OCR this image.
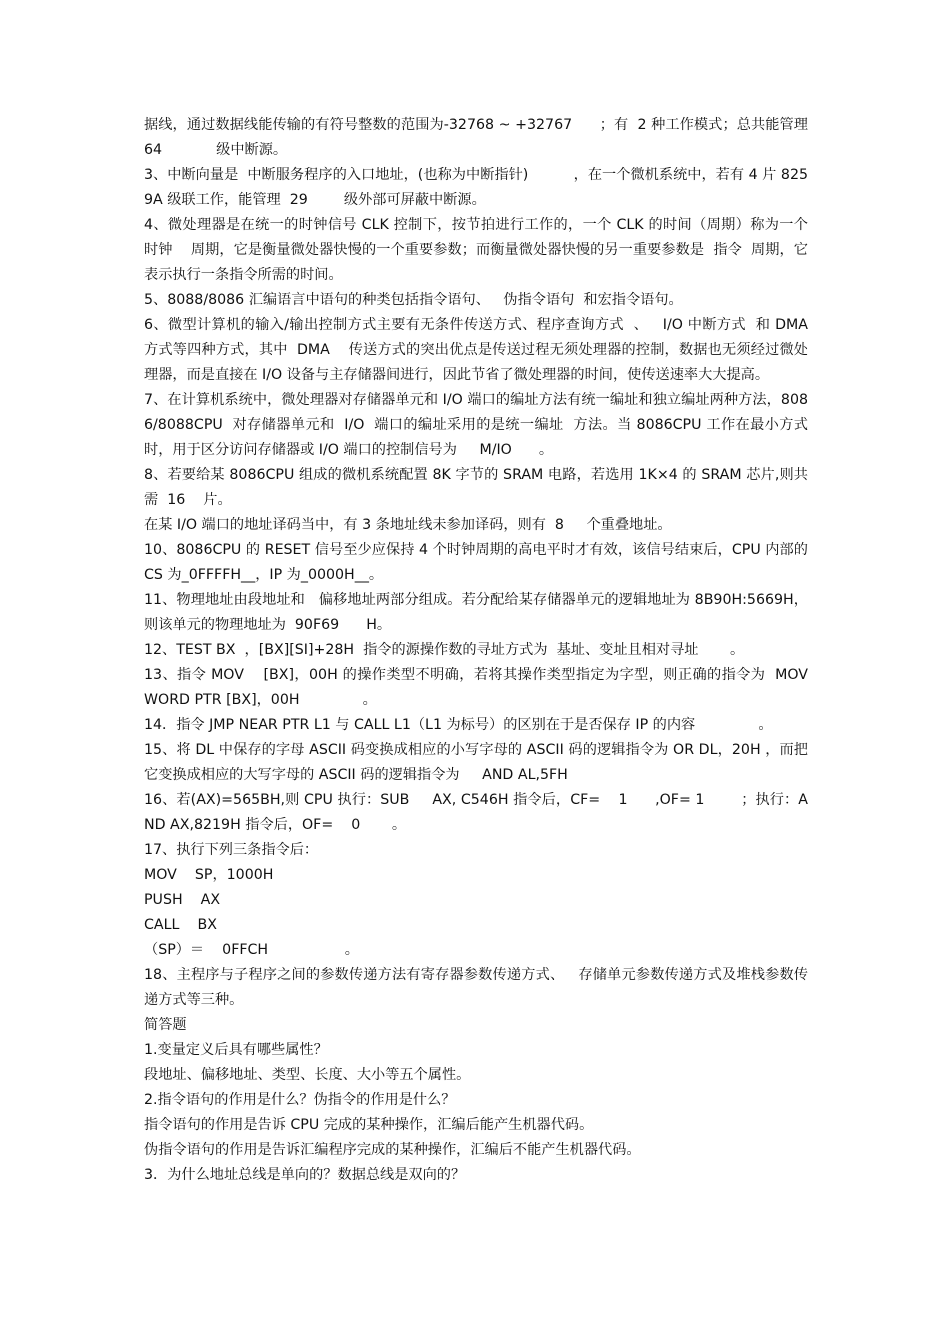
据线，通过数据线能传输的有符号整数的范围为-32768 ~ +32767      ；有  2 种工作模式；总共能管理 64            级中断源。

3、中断向量是  中断服务程序的入口地址，(也称为中断指针)          ，在一个微机系统中，若有 4 片 8259A 级联工作，能管理  29        级外部可屏蔽中断源。

4、微处理器是在统一的时钟信号 CLK 控制下，按节拍进行工作的，一个 CLK 的时间（周期）称为一个  时钟    周期，它是衡量微处器快慢的一个重要参数；而衡量微处器快慢的另一重要参数是  指令  周期，它表示执行一条指令所需的时间。

5、8088/8086 汇编语言中语句的种类包括指令语句、   伪指令语句  和宏指令语句。

6、微型计算机的输入/输出控制方式主要有无条件传送方式、程序查询方式  、   I/O 中断方式  和 DMA 方式等四种方式，其中  DMA    传送方式的突出优点是传送过程无须处理器的控制，数据也无须经过微处理器，而是直接在 I/O 设备与主存储器间进行，因此节省了微处理器的时间，使传送速率大大提高。

7、在计算机系统中，微处理器对存储器单元和 I/O 端口的编址方法有统一编址和独立编址两种方法，8086/8088CPU  对存储器单元和  I/O  端口的编址采用的是统一编址  方法。当 8086CPU 工作在最小方式时，用于区分访问存储器或 I/O 端口的控制信号为     M/IO      。

8、若要给某 8086CPU 组成的微机系统配置 8K 字节的 SRAM 电路，若选用 1K×4 的 SRAM 芯片,则共需  16    片。

在某 I/O 端口的地址译码当中，有 3 条地址线未参加译码，则有  8     个重叠地址。

10、8086CPU 的 RESET 信号至少应保持 4 个时钟周期的高电平时才有效，该信号结束后，CPU 内部的 CS 为_0FFFFH__，IP 为_0000H__。

11、物理地址由段地址和   偏移地址两部分组成。若分配给某存储器单元的逻辑地址为 8B90H:5669H，则该单元的物理地址为  90F69      H。

12、TEST BX  ，[BX][SI]+28H  指令的源操作数的寻址方式为  基址、变址且相对寻址       。

13、指令 MOV    [BX]，00H 的操作类型不明确，若将其操作类型指定为字型，则正确的指令为  MOV WORD PTR [BX]，00H              。

14．指令 JMP NEAR PTR L1 与 CALL L1（L1 为标号）的区别在于是否保存 IP 的内容              。

15、将 DL 中保存的字母 ASCII 码变换成相应的小写字母的 ASCII 码的逻辑指令为 OR DL，20H ，而把它变换成相应的大写字母的 ASCII 码的逻辑指令为     AND AL,5FH

16、若(AX)=565BH,则 CPU 执行：SUB     AX, C546H 指令后，CF=    1      ,OF= 1        ；执行：AND AX,8219H 指令后，OF=    0       。

17、执行下列三条指令后：

MOV    SP，1000H

PUSH    AX

CALL    BX

（SP）＝    0FFCH                 。

18、主程序与子程序之间的参数传递方法有寄存器参数传递方式、   存储单元参数传递方式及堆栈参数传递方式等三种。

简答题

1.变量定义后具有哪些属性？

段地址、偏移地址、类型、长度、大小等五个属性。

2.指令语句的作用是什么？伪指令的作用是什么？

指令语句的作用是告诉 CPU 完成的某种操作，汇编后能产生机器代码。

伪指令语句的作用是告诉汇编程序完成的某种操作，汇编后不能产生机器代码。

3．为什么地址总线是单向的？数据总线是双向的？
